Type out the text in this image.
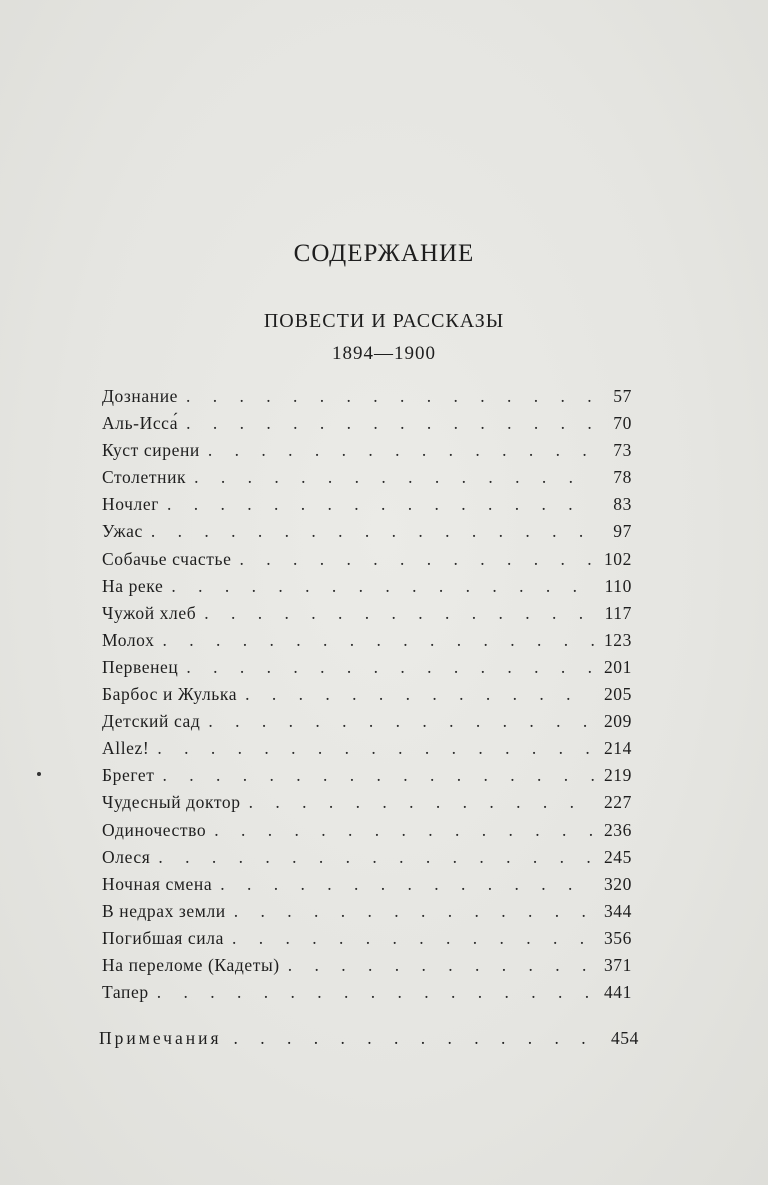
СОДЕРЖАНИЕ
ПОВЕСТИ И РАССКАЗЫ
1894—1900
Дознание . . .	57
Аль-Исса́ . . .	70
Куст сирени . . .	73
Столетник . . .	78
Ночлег . . .	83
Ужас . . .	97
Собачье счастье . . .	102
На реке . . .	110
Чужой хлеб . . .	117
Молох . . .	123
Первенец . . .	201
Барбос и Жулька . . .	205
Детский сад . . .	209
Allez! . . .	214
Брегет . . .	219
Чудесный доктор . . .	227
Одиночество . . .	236
Олеся . . .	245
Ночная смена . . .	320
В недрах земли . . .	344
Погибшая сила . . .	356
На переломе (Кадеты) . . .	371
Тапер . . .	441
Примечания . . .	454
